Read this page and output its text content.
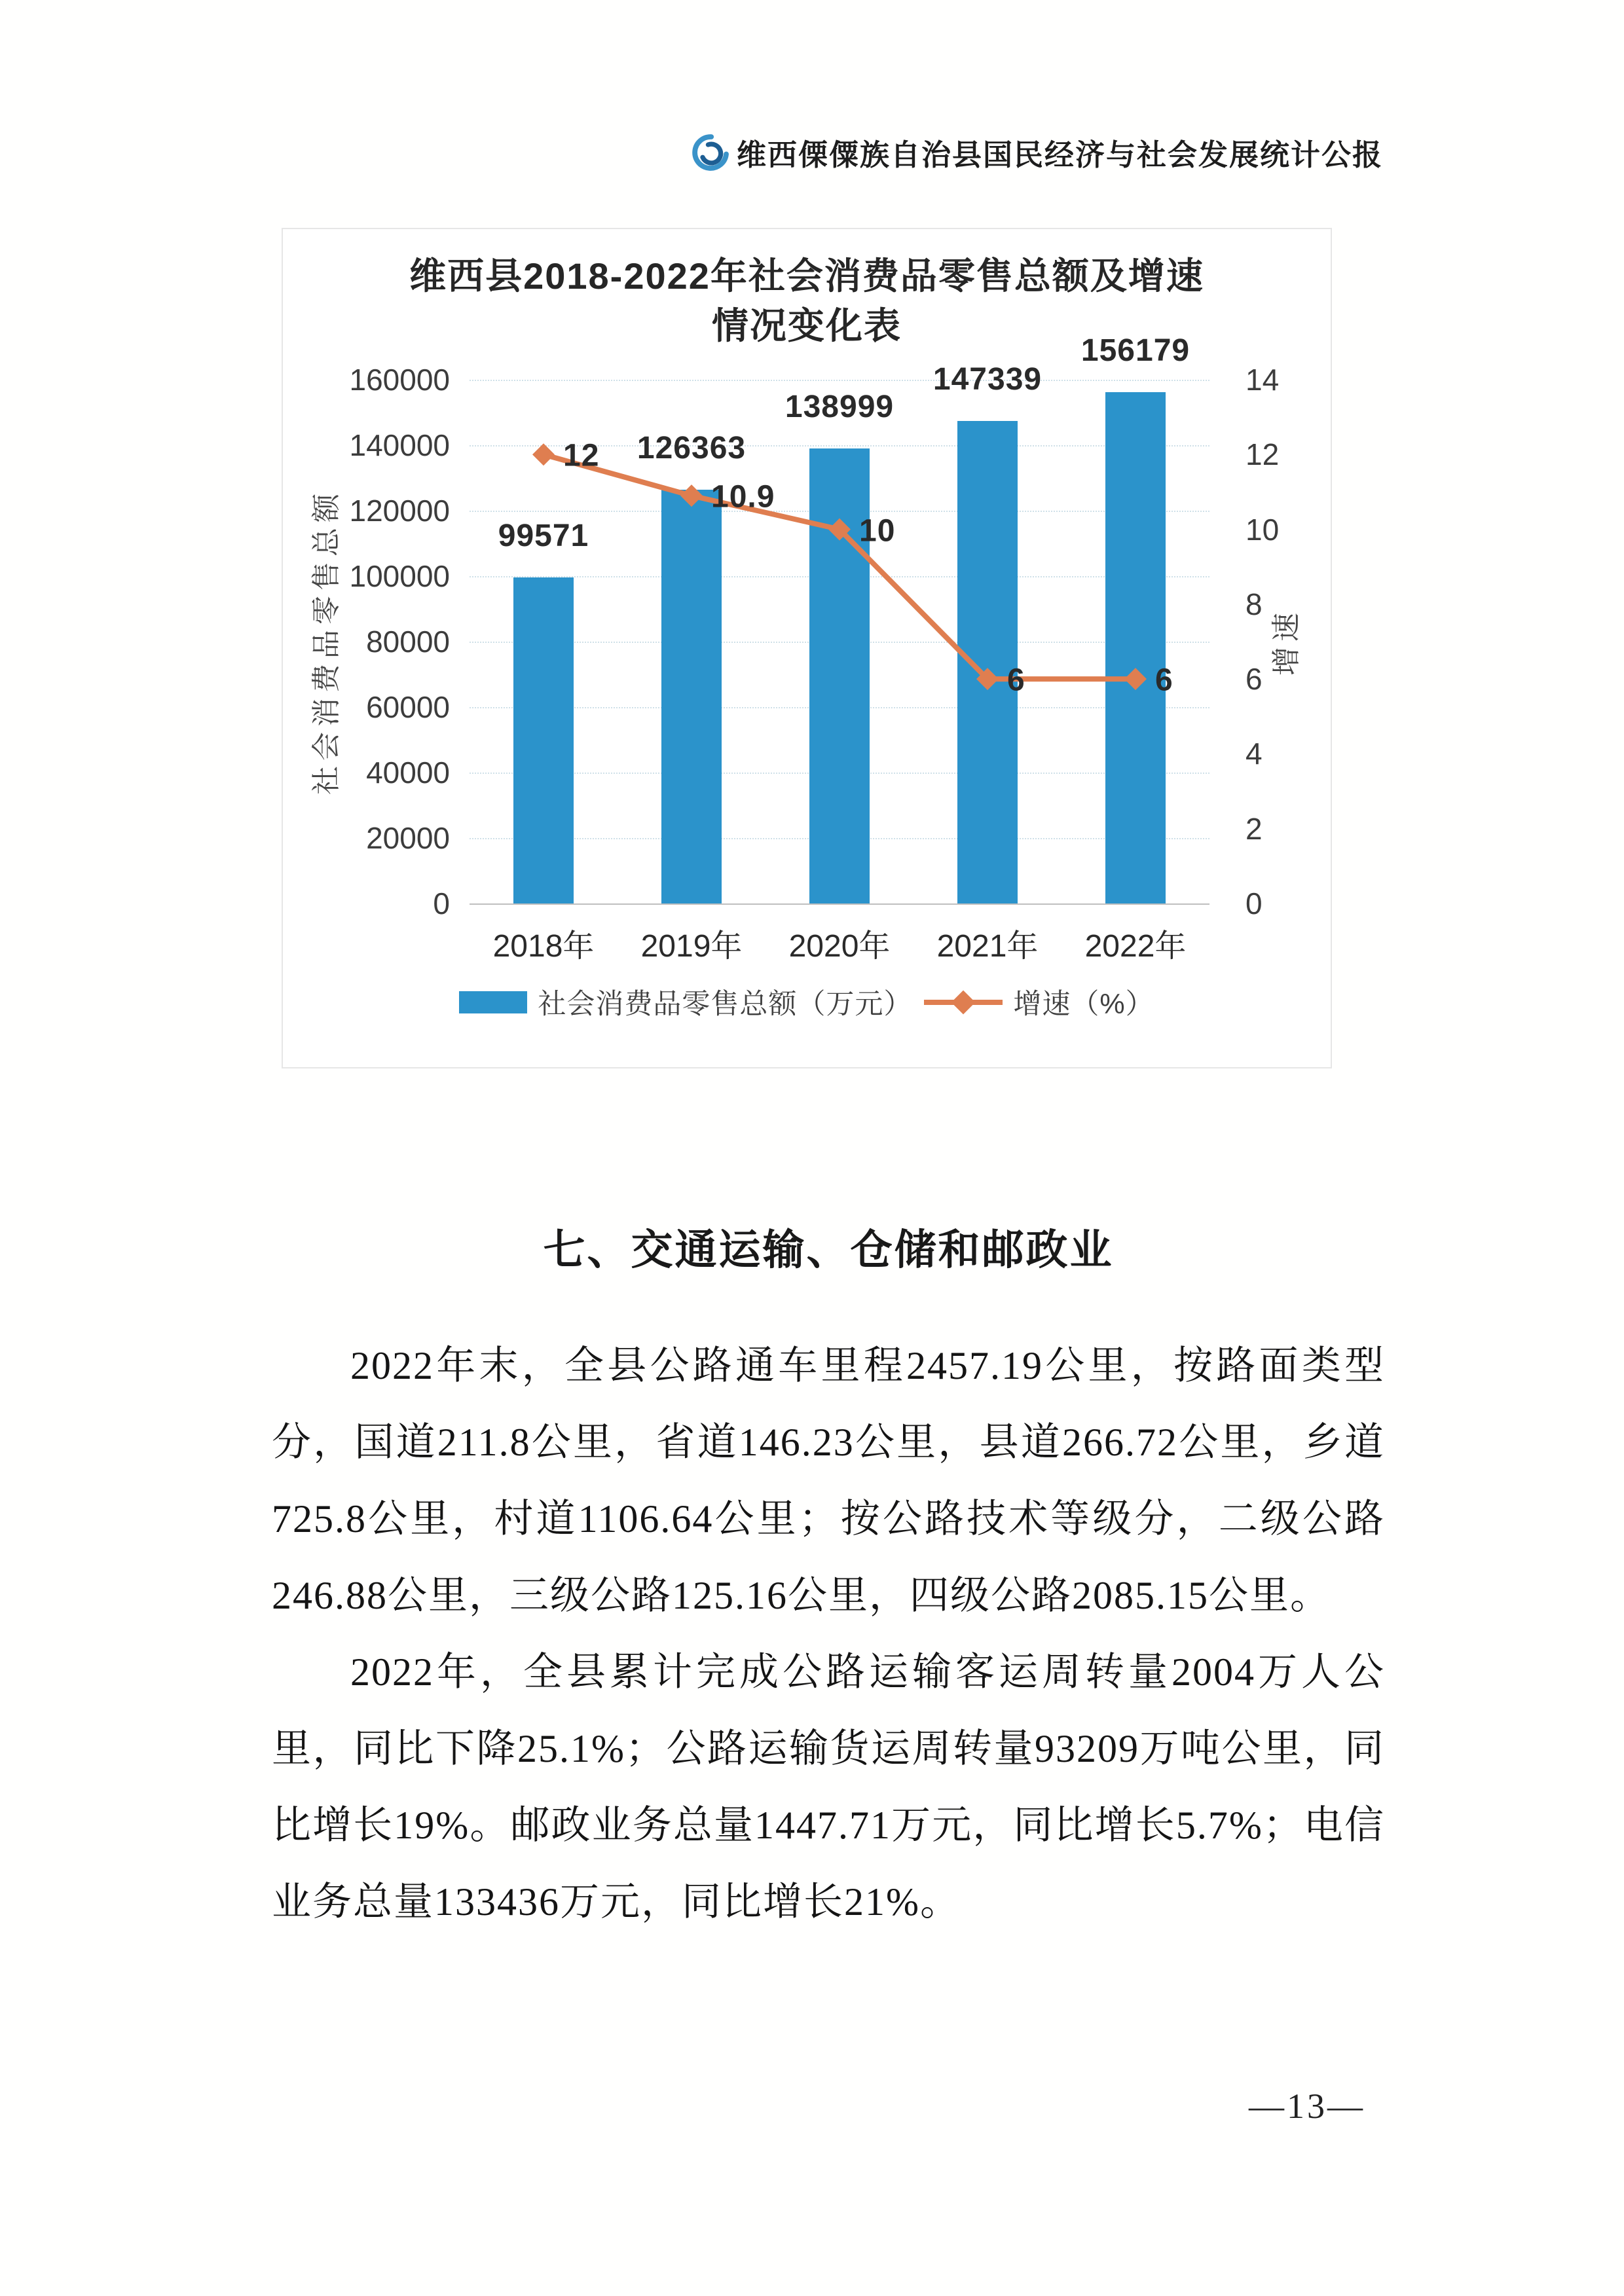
维西傈僳族自治县国民经济与社会发展统计公报
维西县2018-2022年社会消费品零售总额及增速
情况变化表
社会消费品零售总额	增速
0
20000
40000
60000
80000
100000
120000
140000
160000
0
2
4
6
8
10
12
14
99571
2018年
126363
2019年
138999
2020年
147339
2021年
156179
2022年
12
10.9
10
6	6
社会消费品零售总额（万元）	增速（%）
七、交通运输、仓储和邮政业

2022年末，全县公路通车里程2457.19公里，按路面类型分，国道211.8公里，省道146.23公里，县道266.72公里，乡道725.8公里，村道1106.64公里；按公路技术等级分，二级公路246.88公里，三级公路125.16公里，四级公路2085.15公里。

2022年，全县累计完成公路运输客运周转量2004万人公里，同比下降25.1%；公路运输货运周转量93209万吨公里，同比增长19%。邮政业务总量1447.71万元，同比增长5.7%；电信业务总量133436万元，同比增长21%。

—13—
